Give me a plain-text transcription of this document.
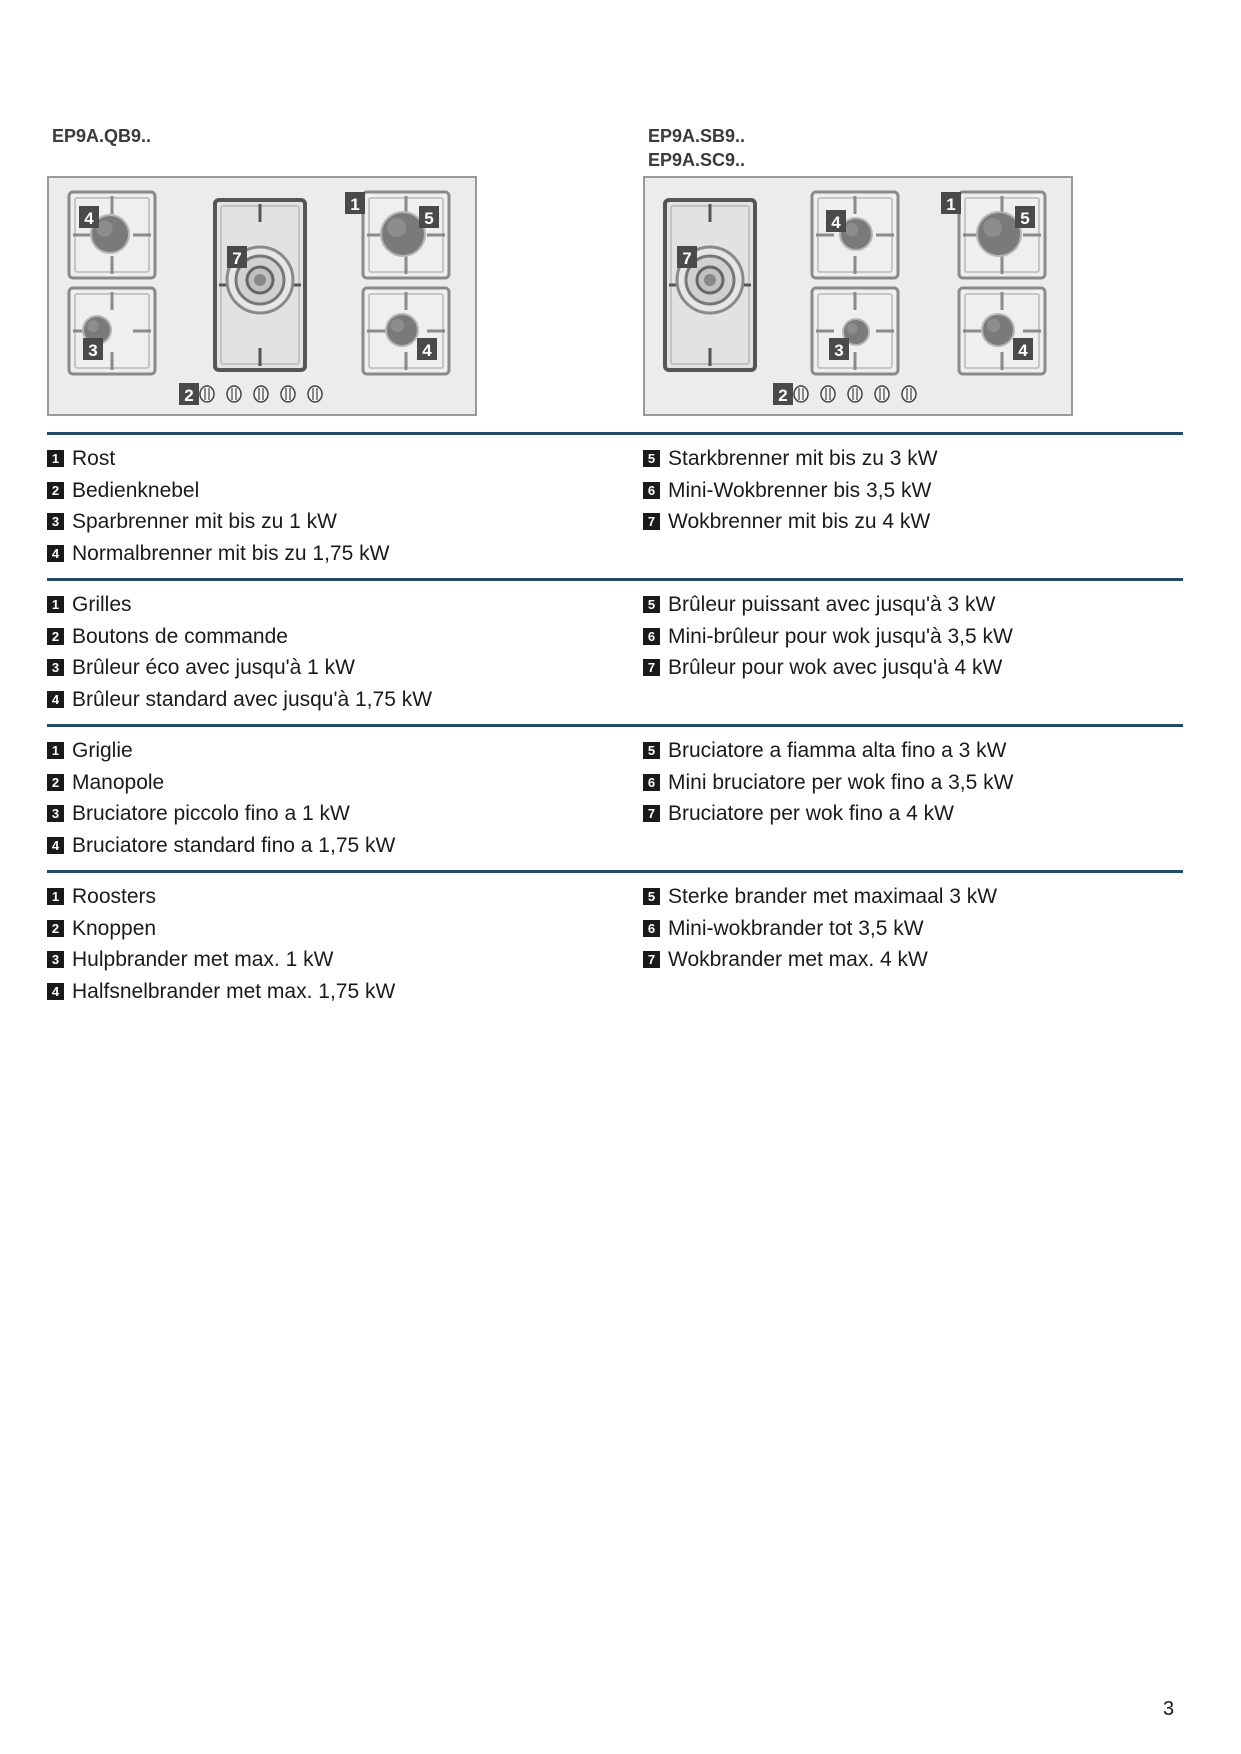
EP9A.QB9..	EP9A.SB9..
EP9A.SC9..
4
3
7
1
5
4
2
7
4
3
1
5
4
2
1 Rost
2 Bedienknebel
3 Sparbrenner mit bis zu 1 kW
4 Normalbrenner mit bis zu 1,75 kW
5 Starkbrenner mit bis zu 3 kW
6 Mini-Wokbrenner bis 3,5 kW
7 Wokbrenner mit bis zu 4 kW
1 Grilles
2 Boutons de commande
3 Brûleur éco avec jusqu'à 1 kW
4 Brûleur standard avec jusqu'à 1,75 kW
5 Brûleur puissant avec jusqu'à 3 kW
6 Mini-brûleur pour wok jusqu'à 3,5 kW
7 Brûleur pour wok avec jusqu'à 4 kW
1 Griglie
2 Manopole
3 Bruciatore piccolo fino a 1 kW
4 Bruciatore standard fino a 1,75 kW
5 Bruciatore a fiamma alta fino a 3 kW
6 Mini bruciatore per wok fino a 3,5 kW
7 Bruciatore per wok fino a 4 kW
1 Roosters
2 Knoppen
3 Hulpbrander met max. 1 kW
4 Halfsnelbrander met max. 1,75 kW
5 Sterke brander met maximaal 3 kW
6 Mini-wokbrander tot 3,5 kW
7 Wokbrander met max. 4 kW
3
